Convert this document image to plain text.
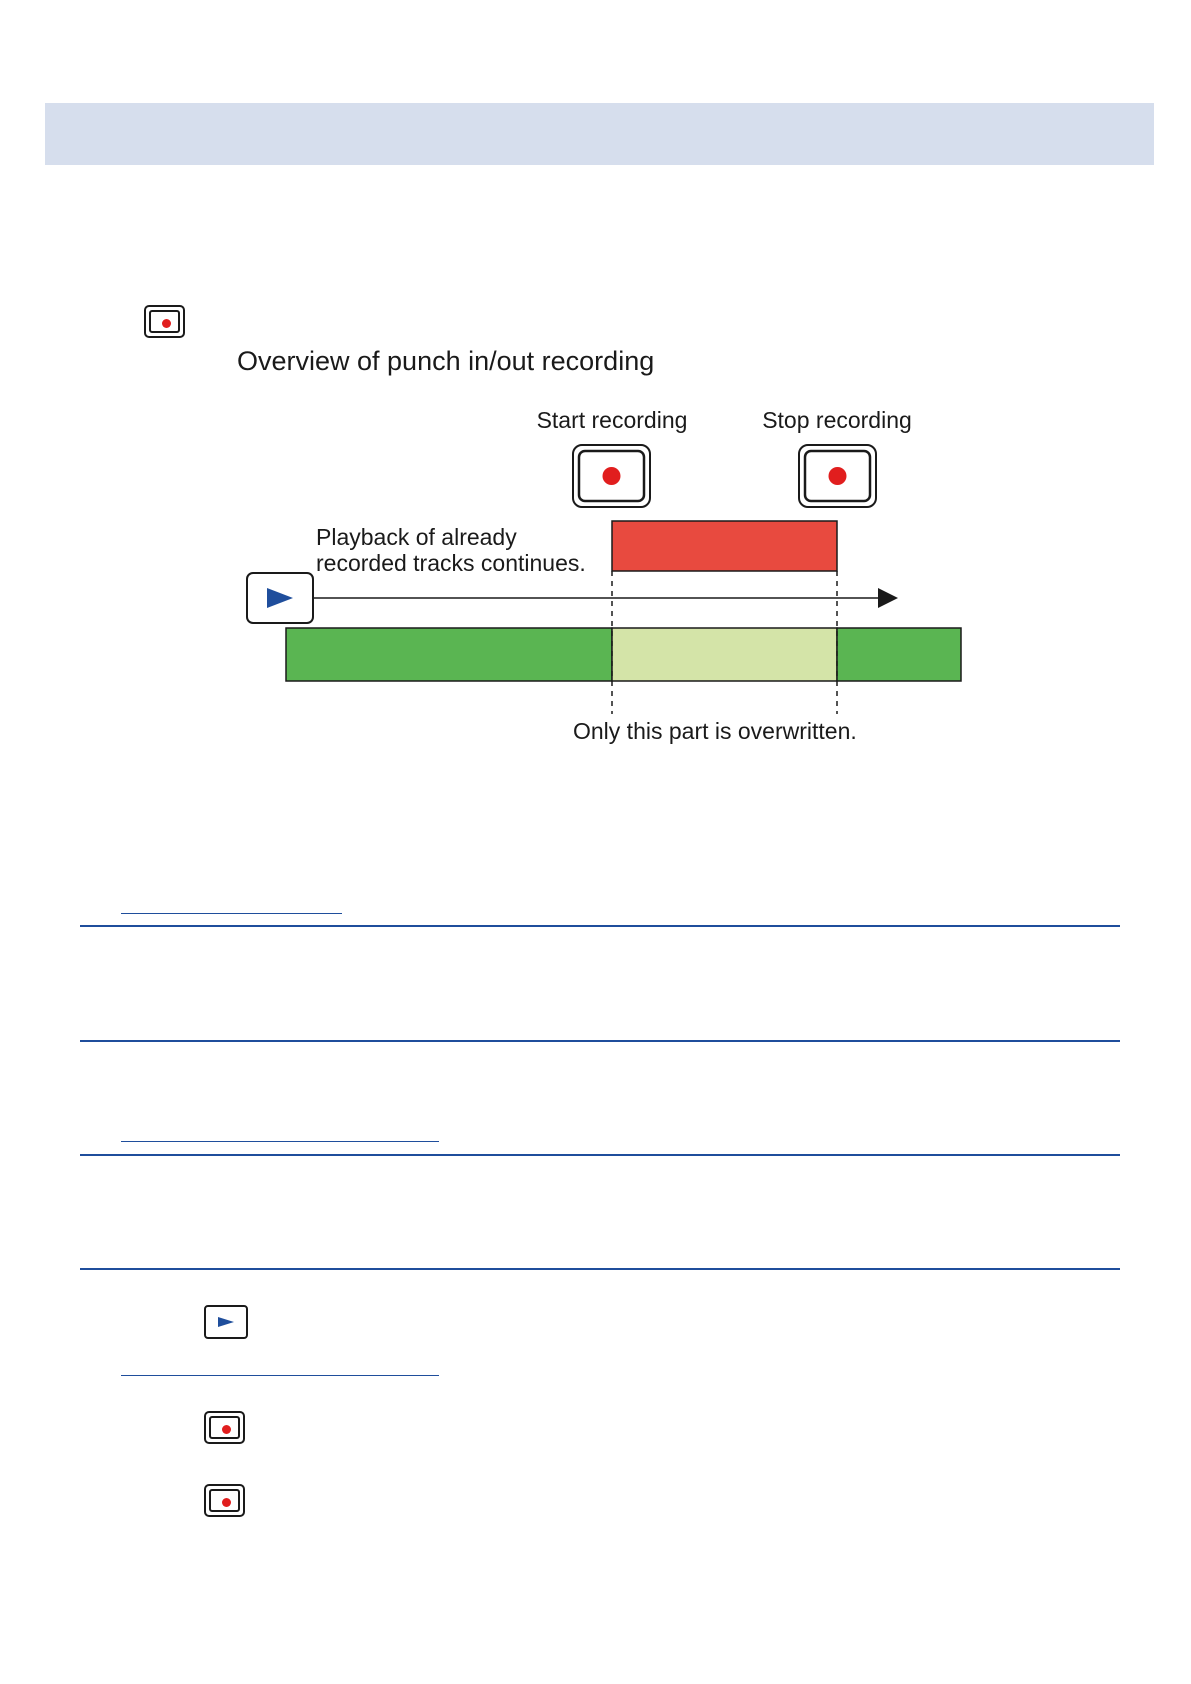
Overview of punch in/out recording
Start recording	Stop recording
Playback of already
recorded tracks continues.
Only this part is overwritten.
